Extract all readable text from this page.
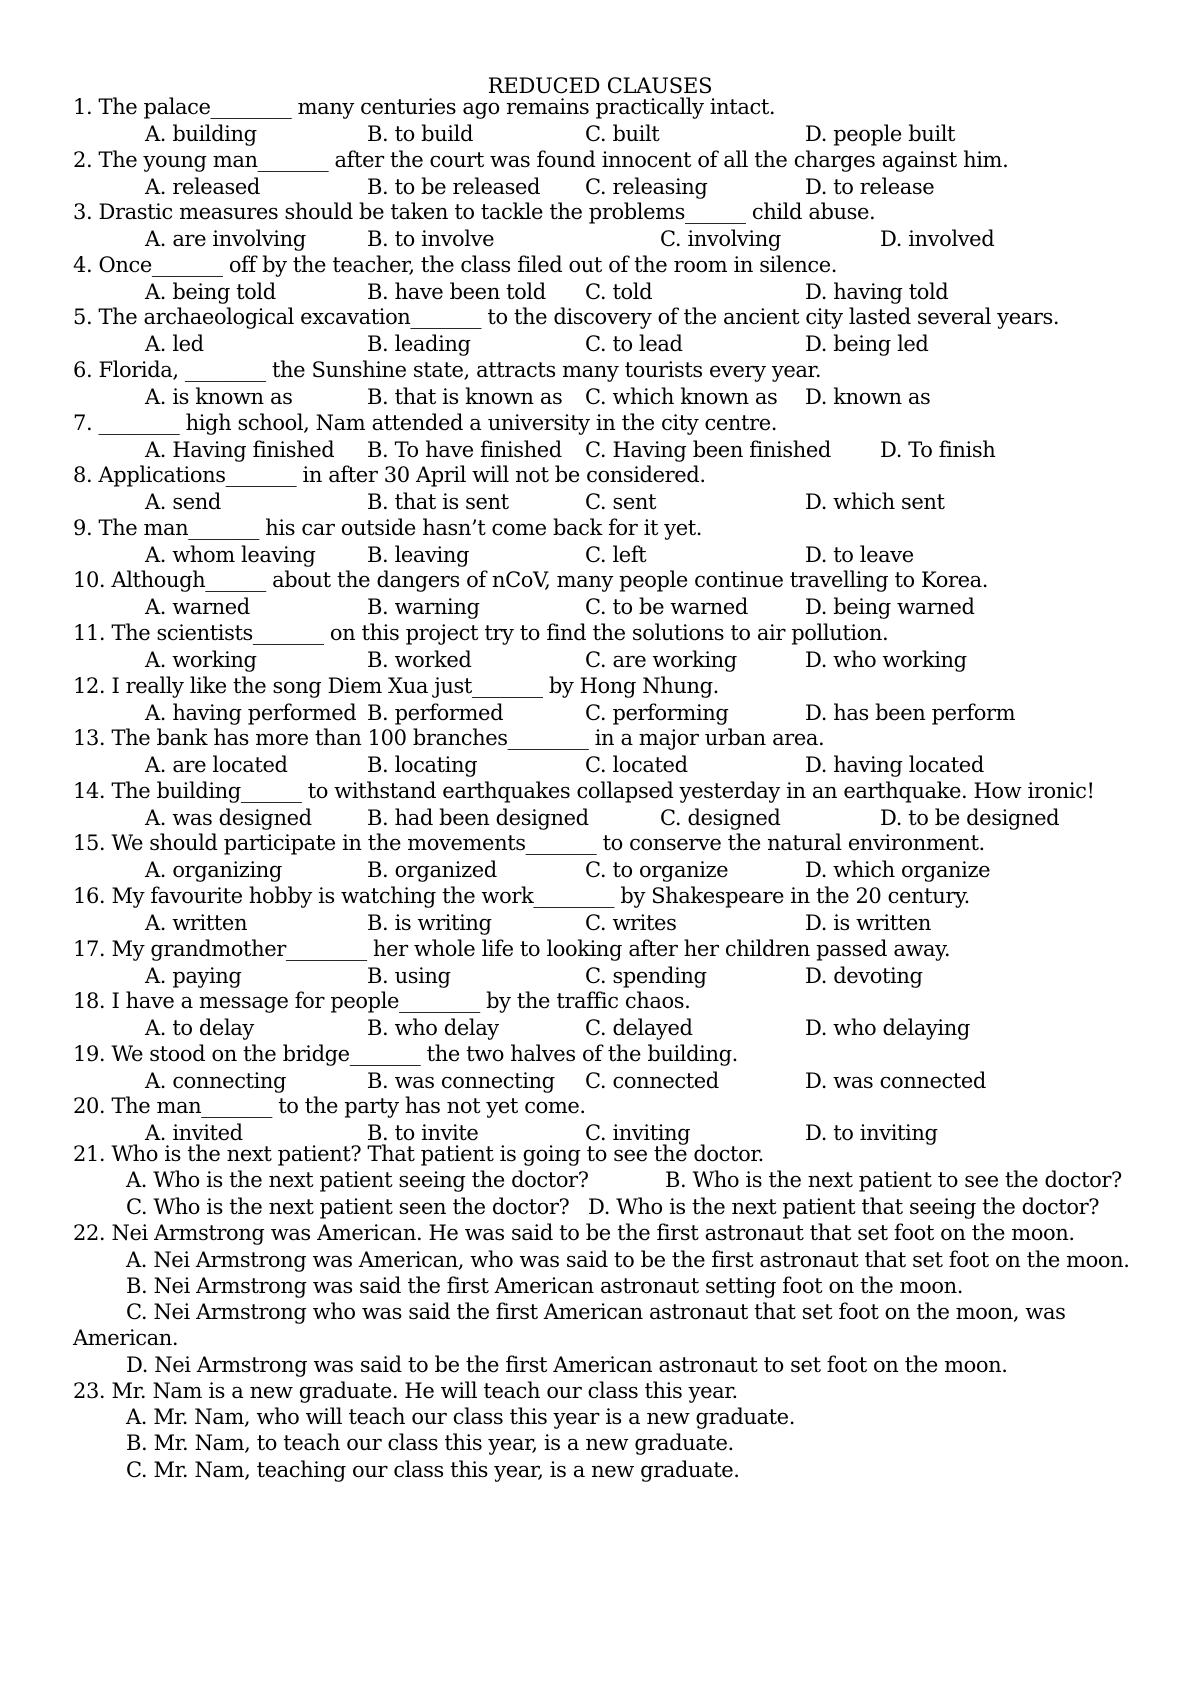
REDUCED CLAUSES
1. The palace________ many centuries ago remains practically intact.
A. building	B. to build	C. built	D. people built
2. The young man_______ after the court was found innocent of all the charges against him.
A. released	B. to be released C. releasing	D. to release
3. Drastic measures should be taken to tackle the problems______ child abuse.
A. are involving	B. to involve	C. involving	D. involved
4. Once_______ off by the teacher, the class filed out of the room in silence.
A. being told	B. have been told C. told	D. having told
5. The archaeological excavation_______ to the discovery of the ancient city lasted several years.
A. led	B. leading	C. to lead	D. being led
6. Florida, ________ the Sunshine state, attracts many tourists every year.
A. is known as	B. that is known as C. which known as D. known as
7. ________ high school, Nam attended a university in the city centre.
A. Having finished B. To have finished C. Having been finished D. To finish
8. Applications_______ in after 30 April will not be considered.
A. send	B. that is sent	C. sent	D. which sent
9. The man_______ his car outside hasn’t come back for it yet.
A. whom leaving B. leaving	C. left	D. to leave
10. Although______ about the dangers of nCoV, many people continue travelling to Korea.
A. warned	B. warning	C. to be warned	D. being warned
11. The scientists_______ on this project try to find the solutions to air pollution.
A. working	B. worked	C. are working	D. who working
12. I really like the song Diem Xua just_______ by Hong Nhung.
A. having performed B. performed	C. performing	D. has been perform
13. The bank has more than 100 branches________ in a major urban area.
A. are located	B. locating	C. located	D. having located
14. The building______ to withstand earthquakes collapsed yesterday in an earthquake. How ironic!
A. was designed	B. had been designed	C. designed	D. to be designed
15. We should participate in the movements_______ to conserve the natural environment.
A. organizing	B. organized	C. to organize	D. which organize
16. My favourite hobby is watching the work________ by Shakespeare in the 20 century.
A. written	B. is writing	C. writes	D. is written
17. My grandmother________ her whole life to looking after her children passed away.
A. paying	B. using	C. spending	D. devoting
18. I have a message for people________ by the traffic chaos.
A. to delay	B. who delay	C. delayed	D. who delaying
19. We stood on the bridge_______ the two halves of the building.
A. connecting	B. was connecting C. connected	D. was connected
20. The man_______ to the party has not yet come.
A. invited	B. to invite	C. inviting	D. to inviting
21. Who is the next patient? That patient is going to see the doctor.
A. Who is the next patient seeing the doctor?	B. Who is the next patient to see the doctor?
C. Who is the next patient seen the doctor? D. Who is the next patient that seeing the doctor?
22. Nei Armstrong was American. He was said to be the first astronaut that set foot on the moon.
A. Nei Armstrong was American, who was said to be the first astronaut that set foot on the moon.
B. Nei Armstrong was said the first American astronaut setting foot on the moon.
C. Nei Armstrong who was said the first American astronaut that set foot on the moon, was
American.
D. Nei Armstrong was said to be the first American astronaut to set foot on the moon.
23. Mr. Nam is a new graduate. He will teach our class this year.
A. Mr. Nam, who will teach our class this year is a new graduate.
B. Mr. Nam, to teach our class this year, is a new graduate.
C. Mr. Nam, teaching our class this year, is a new graduate.
